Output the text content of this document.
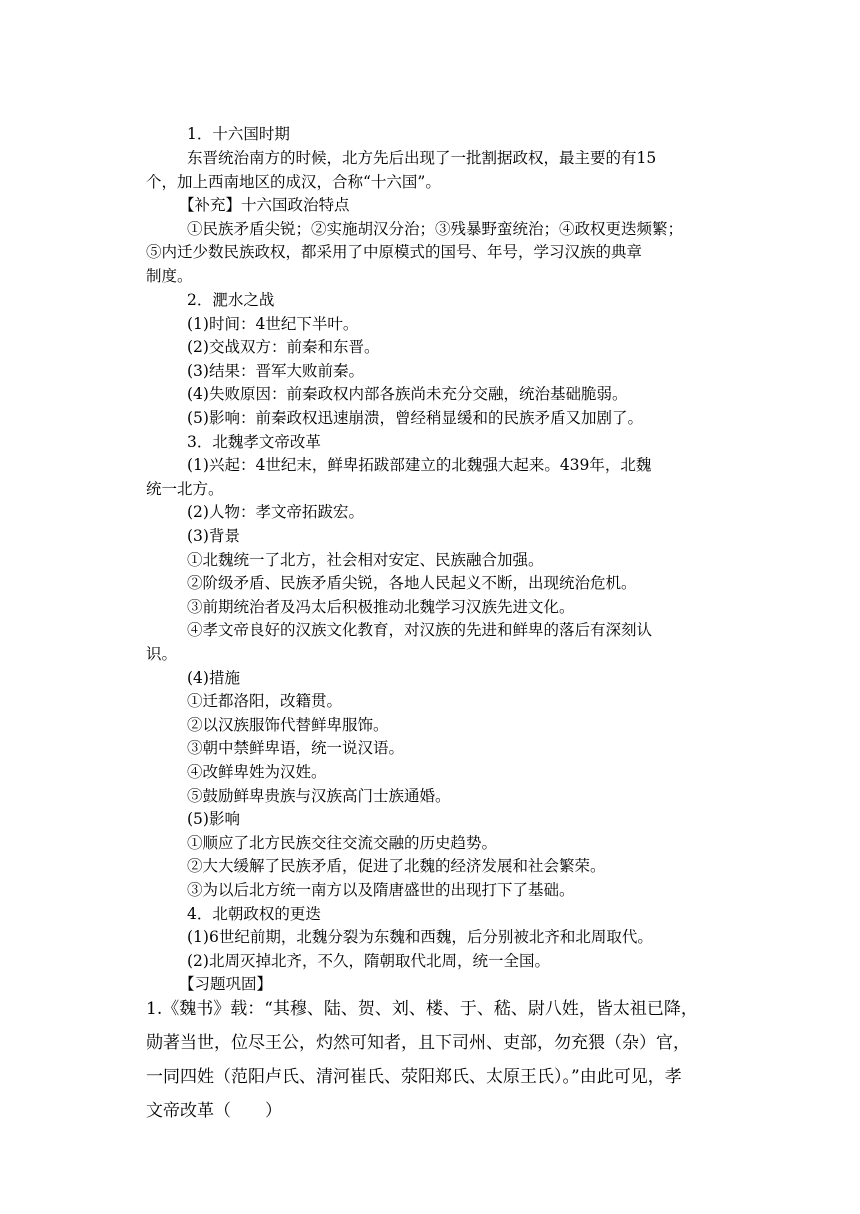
1．十六国时期
东晋统治南方的时候，北方先后出现了一批割据政权，最主要的有15
个，加上西南地区的成汉，合称“十六国”。
【补充】十六国政治特点
①民族矛盾尖锐；②实施胡汉分治；③残暴野蛮统治；④政权更迭频繁；
⑤内迁少数民族政权，都采用了中原模式的国号、年号，学习汉族的典章
制度。
2．淝水之战
(1)时间：4世纪下半叶。
(2)交战双方：前秦和东晋。
(3)结果：晋军大败前秦。
(4)失败原因：前秦政权内部各族尚未充分交融，统治基础脆弱。
(5)影响：前秦政权迅速崩溃，曾经稍显缓和的民族矛盾又加剧了。
3．北魏孝文帝改革
(1)兴起：4世纪末，鲜卑拓跋部建立的北魏强大起来。439年，北魏
统一北方。
(2)人物：孝文帝拓跋宏。
(3)背景
①北魏统一了北方，社会相对安定、民族融合加强。
②阶级矛盾、民族矛盾尖锐，各地人民起义不断，出现统治危机。
③前期统治者及冯太后积极推动北魏学习汉族先进文化。
④孝文帝良好的汉族文化教育，对汉族的先进和鲜卑的落后有深刻认
识。
(4)措施
①迁都洛阳，改籍贯。
②以汉族服饰代替鲜卑服饰。
③朝中禁鲜卑语，统一说汉语。
④改鲜卑姓为汉姓。
⑤鼓励鲜卑贵族与汉族高门士族通婚。
(5)影响
①顺应了北方民族交往交流交融的历史趋势。
②大大缓解了民族矛盾，促进了北魏的经济发展和社会繁荣。
③为以后北方统一南方以及隋唐盛世的出现打下了基础。
4．北朝政权的更迭
(1)6世纪前期，北魏分裂为东魏和西魏，后分别被北齐和北周取代。
(2)北周灭掉北齐，不久，隋朝取代北周，统一全国。
【习题巩固】
1.《魏书》载：“其穆、陆、贺、刘、楼、于、嵇、尉八姓，皆太祖已降，
勋著当世，位尽王公，灼然可知者，且下司州、吏部，勿充猥（杂）官，
一同四姓（范阳卢氏、清河崔氏、荥阳郑氏、太原王氏）。”由此可见，孝
文帝改革（　　）
